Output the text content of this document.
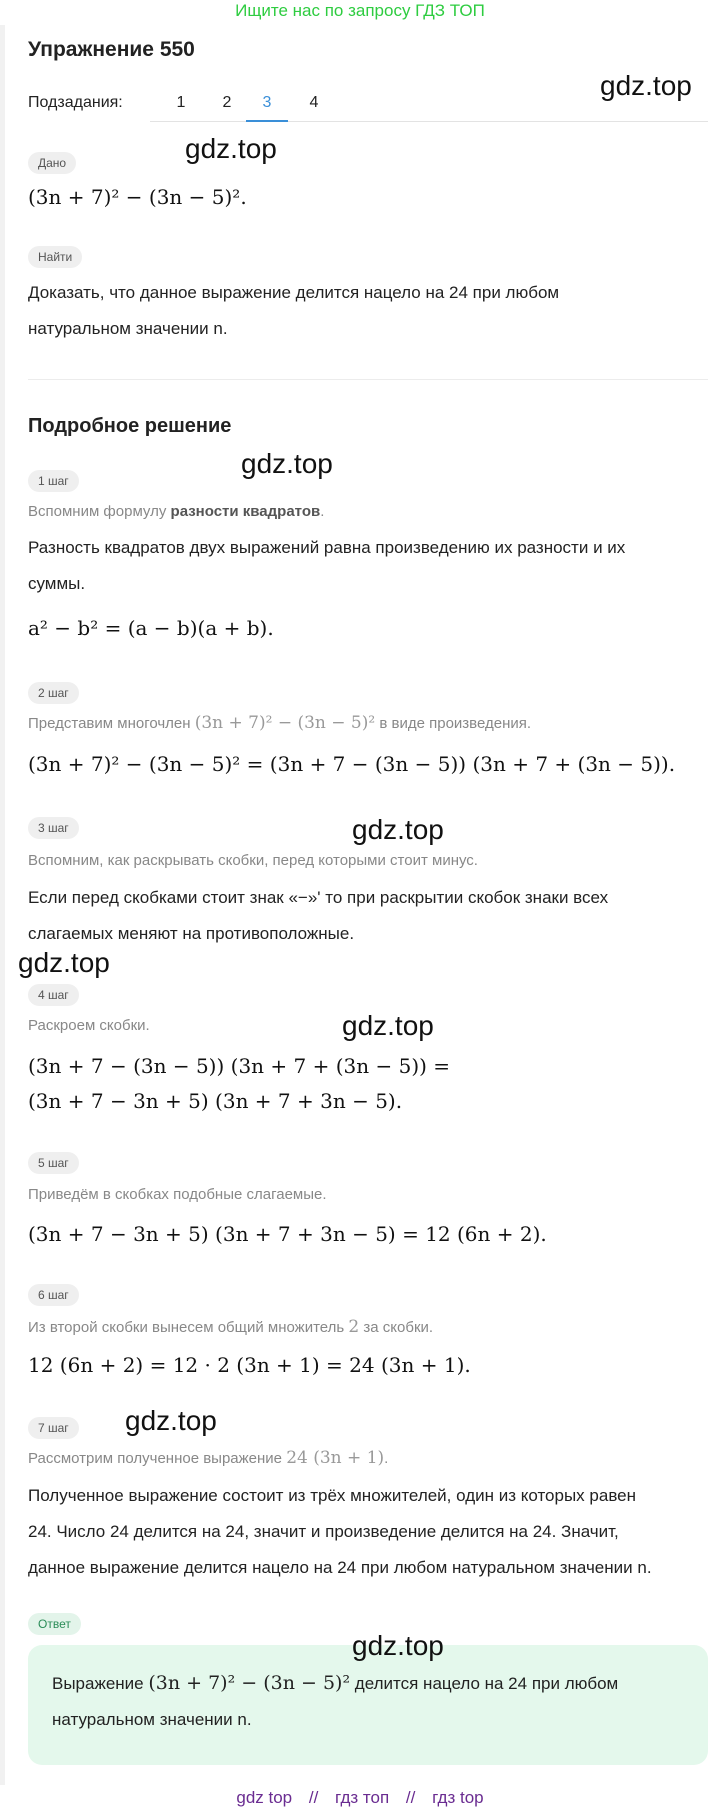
Ищите нас по запросу ГДЗ ТОП
Упражнение 550
Подзадания:	1	2	3	4
Дано
(3n + 7)² − (3n − 5)².
Найти
Доказать, что данное выражение делится нацело на 24 при любом
натуральном значении n.
Подробное решение
1 шаг
Вспомним формулу разности квадратов.
Разность квадратов двух выражений равна произведению их разности и их
суммы.
a² − b² = (a − b)(a + b).
2 шаг
Представим многочлен (3n + 7)² − (3n − 5)² в виде произведения.
(3n + 7)² − (3n − 5)² = (3n + 7 − (3n − 5)) (3n + 7 + (3n − 5)).
3 шаг
Вспомним, как раскрывать скобки, перед которыми стоит минус.
Если перед скобками стоит знак «−»' то при раскрытии скобок знаки всех
слагаемых меняют на противоположные.
4 шаг
Раскроем скобки.
(3n + 7 − (3n − 5)) (3n + 7 + (3n − 5)) =
(3n + 7 − 3n + 5) (3n + 7 + 3n − 5).
5 шаг
Приведём в скобках подобные слагаемые.
(3n + 7 − 3n + 5) (3n + 7 + 3n − 5) = 12 (6n + 2).
6 шаг
Из второй скобки вынесем общий множитель 2 за скобки.
12 (6n + 2) = 12 · 2 (3n + 1) = 24 (3n + 1).
7 шаг
Рассмотрим полученное выражение 24 (3n + 1).
Полученное выражение состоит из трёх множителей, один из которых равен
24. Число 24 делится на 24, значит и произведение делится на 24. Значит,
данное выражение делится нацело на 24 при любом натуральном значении n.
Ответ
Выражение (3n + 7)² − (3n − 5)² делится нацело на 24 при любом
натуральном значении n.
gdz.top
gdz.top
gdz.top
gdz.top
gdz.top
gdz.top
gdz.top
gdz.top
gdz top // гдз топ // гдз top
